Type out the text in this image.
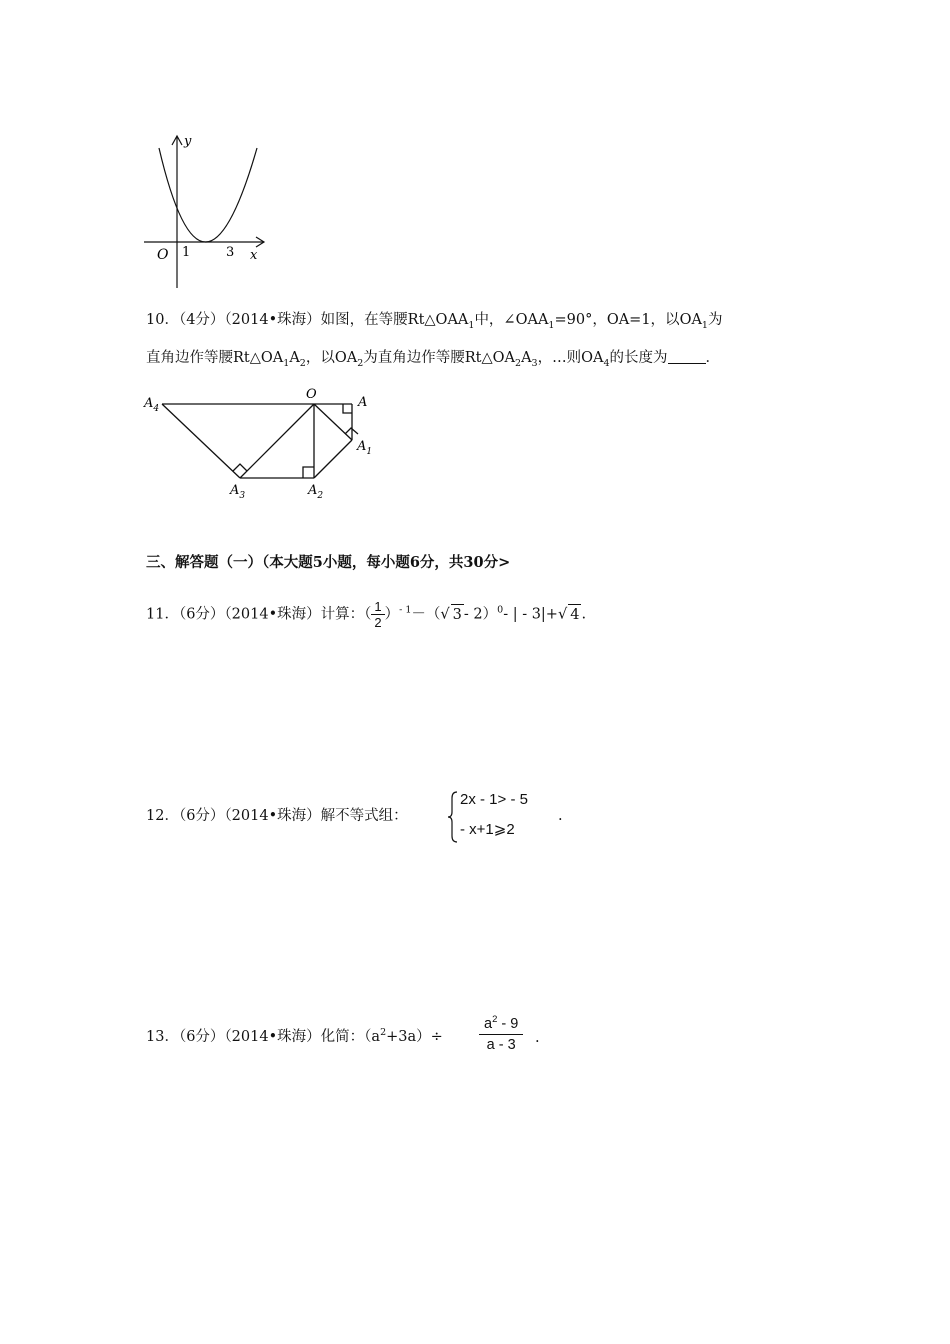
y
x
O 1	3
10．（4分）（2014•珠海）如图，在等腰$Rt\triangle OAA_1$中，$\angle OAA_1=90^\circ$，OA=1，以$OA_1$为
直角边作等腰$Rt\triangle OA_1A_2$，以$OA_2$为直角边作等腰$Rt\triangle OA_2A_3$，…则$OA_4$的长度为	．
$A_4$
O
A
$A_1$
$A_3$	$A_2$
三、解答题（一）（本大题5小题，每小题6分，共30分>
11．（6分）（2014•珠海）计算：（ $\frac{1}{2} )^{- 1}-(√$ 3 - 2）$^0$- | - 3|+√ 4 .
12．（6分）（2014•珠海）解不等式组：
2x - 1> - 5
- x+1⩾2
.
13．（6分）（2014•珠海）化简：$(a^2+3a)\div \frac{a^2 - 9}{a - 3}$ .
